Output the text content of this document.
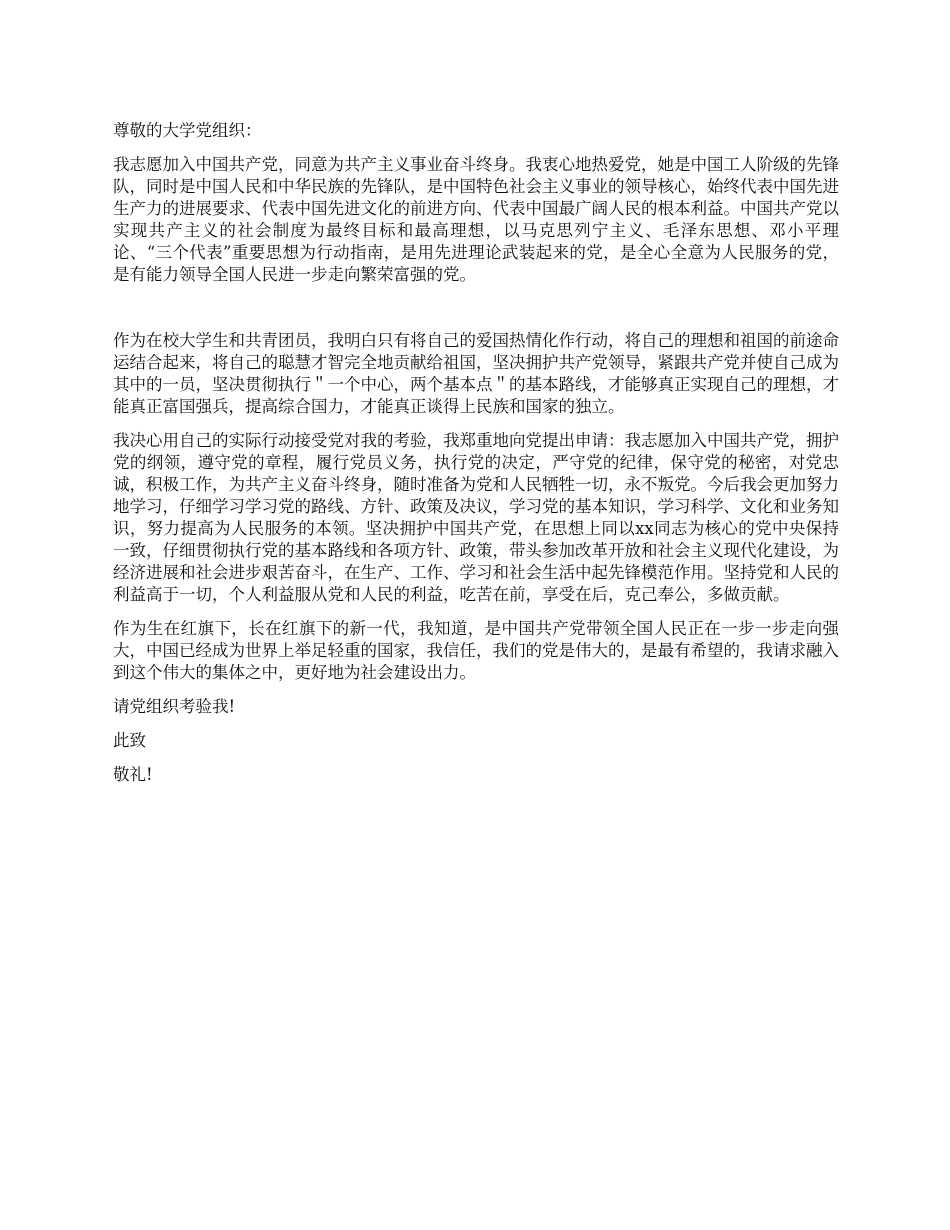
尊敬的大学党组织：

我志愿加入中国共产党，同意为共产主义事业奋斗终身。我衷心地热爱党，她是中国工人阶级的先锋队，同时是中国人民和中华民族的先锋队，是中国特色社会主义事业的领导核心，始终代表中国先进生产力的进展要求、代表中国先进文化的前进方向、代表中国最广阔人民的根本利益。中国共产党以实现共产主义的社会制度为最终目标和最高理想，以马克思列宁主义、毛泽东思想、邓小平理论、“三个代表”重要思想为行动指南，是用先进理论武装起来的党，是全心全意为人民服务的党，是有能力领导全国人民进一步走向繁荣富强的党。

作为在校大学生和共青团员，我明白只有将自己的爱国热情化作行动，将自己的理想和祖国的前途命运结合起来，将自己的聪慧才智完全地贡献给祖国，坚决拥护共产党领导，紧跟共产党并使自己成为其中的一员，坚决贯彻执行＂一个中心，两个基本点＂的基本路线，才能够真正实现自己的理想，才能真正富国强兵，提高综合国力，才能真正谈得上民族和国家的独立。

我决心用自己的实际行动接受党对我的考验，我郑重地向党提出申请：我志愿加入中国共产党，拥护党的纲领，遵守党的章程，履行党员义务，执行党的决定，严守党的纪律，保守党的秘密，对党忠诚，积极工作，为共产主义奋斗终身，随时准备为党和人民牺牲一切，永不叛党。今后我会更加努力地学习，仔细学习学习党的路线、方针、政策及决议，学习党的基本知识，学习科学、文化和业务知识，努力提高为人民服务的本领。坚决拥护中国共产党，在思想上同以xx同志为核心的党中央保持一致，仔细贯彻执行党的基本路线和各项方针、政策，带头参加改革开放和社会主义现代化建设，为经济进展和社会进步艰苦奋斗，在生产、工作、学习和社会生活中起先锋模范作用。坚持党和人民的利益高于一切，个人利益服从党和人民的利益，吃苦在前，享受在后，克己奉公，多做贡献。

作为生在红旗下，长在红旗下的新一代，我知道，是中国共产党带领全国人民正在一步一步走向强大，中国已经成为世界上举足轻重的国家，我信任，我们的党是伟大的，是最有希望的，我请求融入到这个伟大的集体之中，更好地为社会建设出力。

请党组织考验我!

此致

敬礼!
